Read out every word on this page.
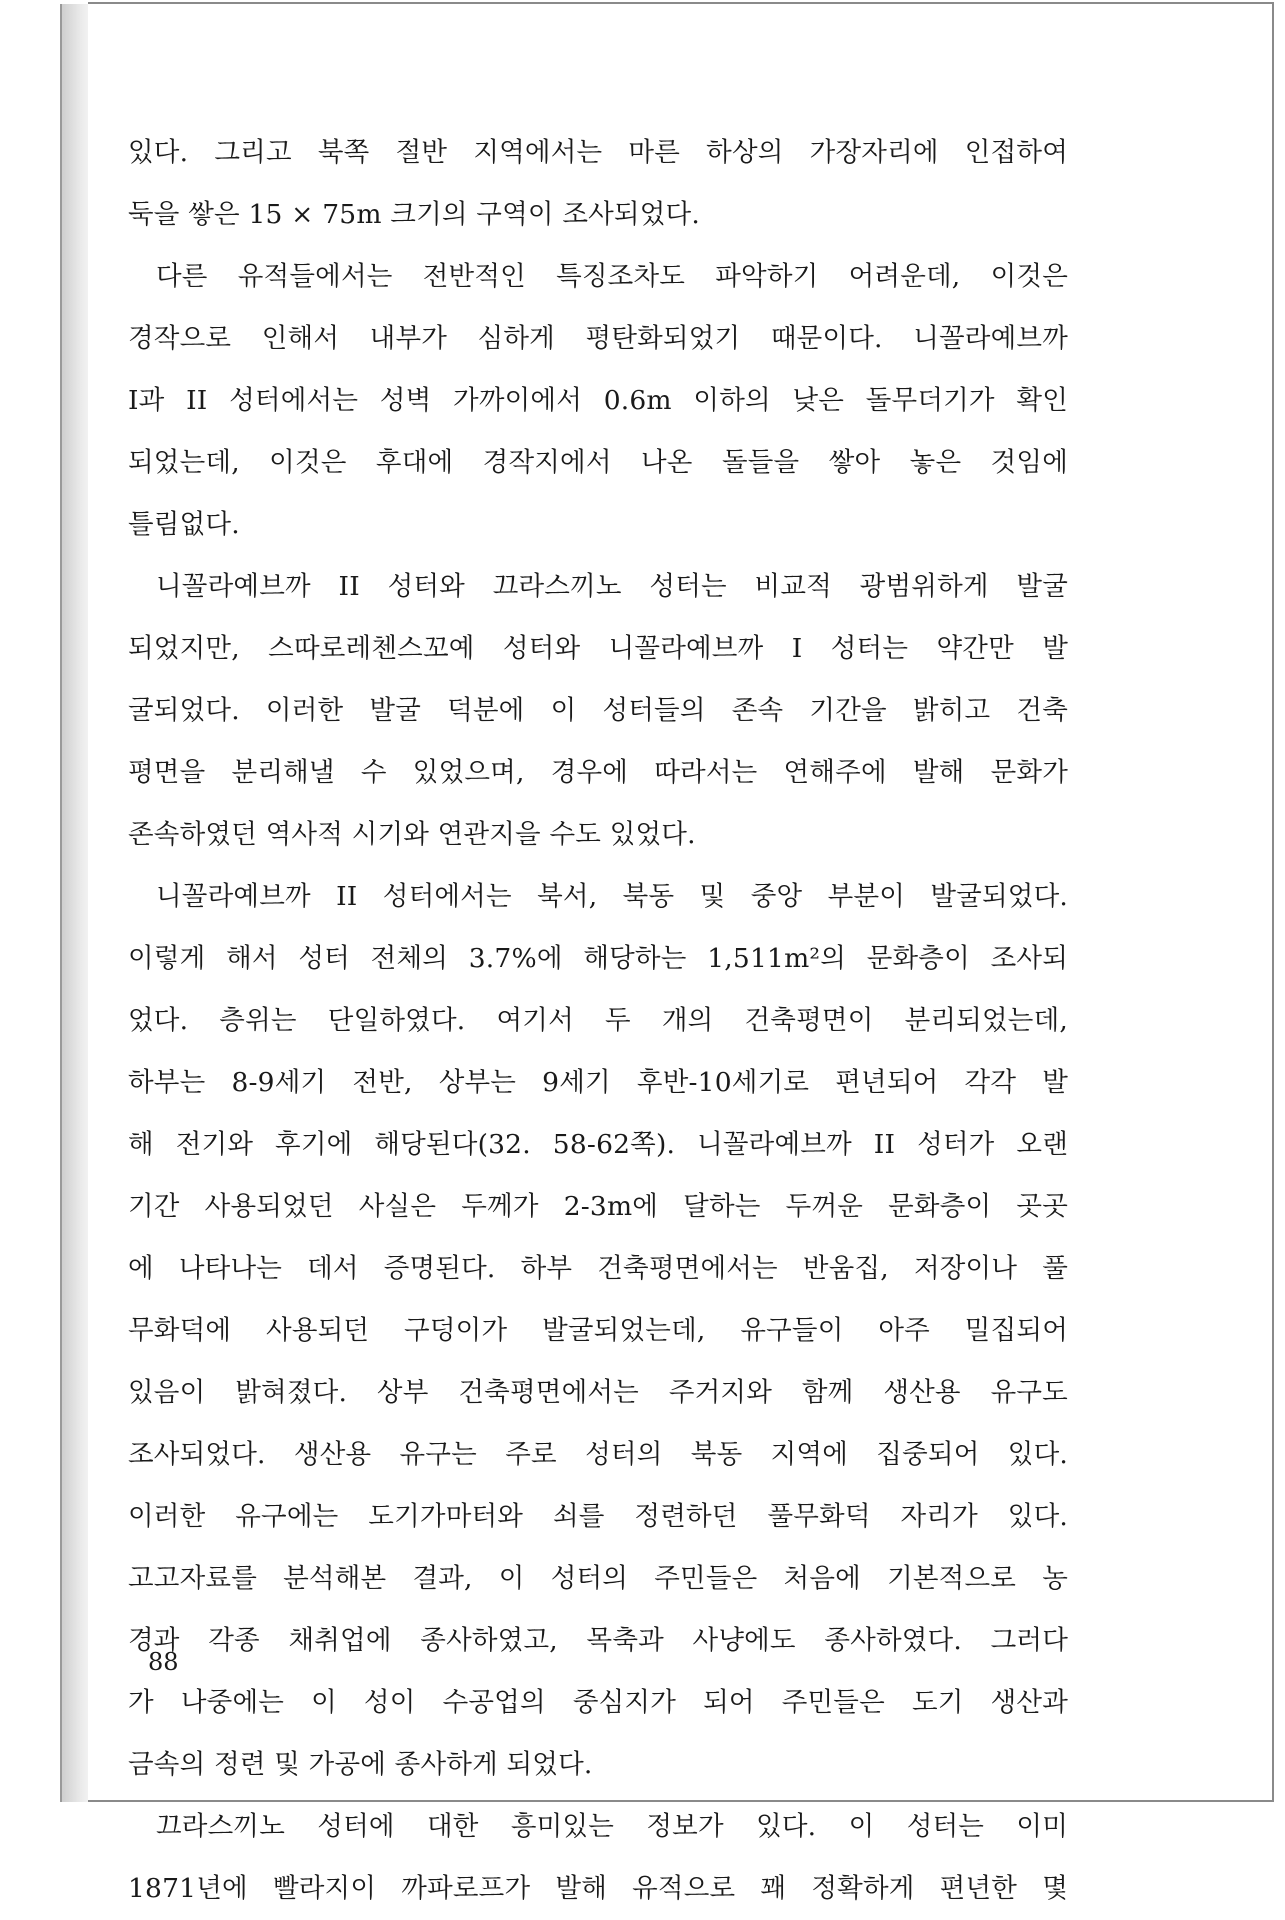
있다. 그리고 북쪽 절반 지역에서는 마른 하상의 가장자리에 인접하여
둑을 쌓은 15 × 75m 크기의 구역이 조사되었다.
다른 유적들에서는 전반적인 특징조차도 파악하기 어려운데, 이것은
경작으로 인해서 내부가 심하게 평탄화되었기 때문이다. 니꼴라예브까
I과 II 성터에서는 성벽 가까이에서 0.6m 이하의 낮은 돌무더기가 확인
되었는데, 이것은 후대에 경작지에서 나온 돌들을 쌓아 놓은 것임에
틀림없다.
니꼴라예브까 II 성터와 끄라스끼노 성터는 비교적 광범위하게 발굴
되었지만, 스따로레첸스꼬예 성터와 니꼴라예브까 I 성터는 약간만 발
굴되었다. 이러한 발굴 덕분에 이 성터들의 존속 기간을 밝히고 건축
평면을 분리해낼 수 있었으며, 경우에 따라서는 연해주에 발해 문화가
존속하였던 역사적 시기와 연관지을 수도 있었다.
니꼴라예브까 II 성터에서는 북서, 북동 및 중앙 부분이 발굴되었다.
이렇게 해서 성터 전체의 3.7%에 해당하는 1,511m²의 문화층이 조사되
었다. 층위는 단일하였다. 여기서 두 개의 건축평면이 분리되었는데,
하부는 8-9세기 전반, 상부는 9세기 후반-10세기로 편년되어 각각 발
해 전기와 후기에 해당된다(32. 58-62쪽). 니꼴라예브까 II 성터가 오랜
기간 사용되었던 사실은 두께가 2-3m에 달하는 두꺼운 문화층이 곳곳
에 나타나는 데서 증명된다. 하부 건축평면에서는 반움집, 저장이나 풀
무화덕에 사용되던 구덩이가 발굴되었는데, 유구들이 아주 밀집되어
있음이 밝혀졌다. 상부 건축평면에서는 주거지와 함께 생산용 유구도
조사되었다. 생산용 유구는 주로 성터의 북동 지역에 집중되어 있다.
이러한 유구에는 도기가마터와 쇠를 정련하던 풀무화덕 자리가 있다.
고고자료를 분석해본 결과, 이 성터의 주민들은 처음에 기본적으로 농
경과 각종 채취업에 종사하였고, 목축과 사냥에도 종사하였다. 그러다
가 나중에는 이 성이 수공업의 중심지가 되어 주민들은 도기 생산과
금속의 정련 및 가공에 종사하게 되었다.
끄라스끼노 성터에 대한 흥미있는 정보가 있다. 이 성터는 이미
1871년에 빨라지이 까파로프가 발해 유적으로 꽤 정확하게 편년한 몇
88
